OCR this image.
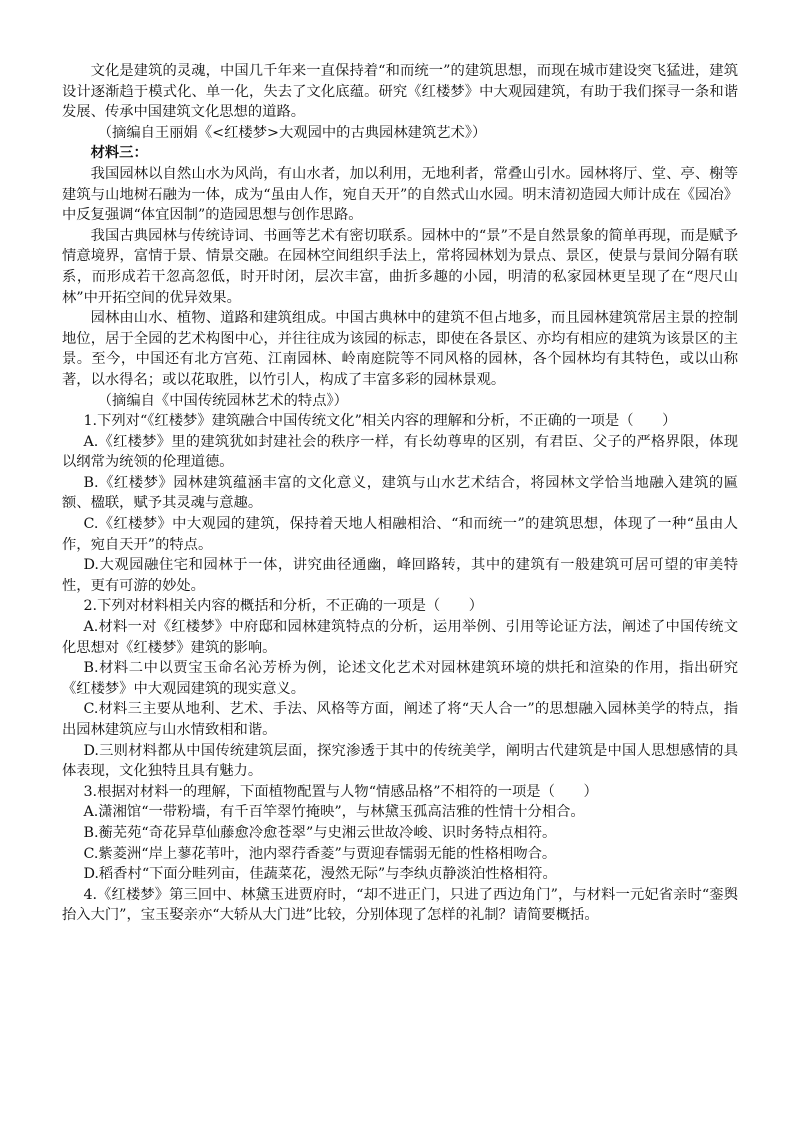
文化是建筑的灵魂，中国几千年来一直保持着“和而统一”的建筑思想，而现在城市建设突飞猛进，建筑设计逐渐趋于模式化、单一化，失去了文化底蕴。研究《红楼梦》中大观园建筑，有助于我们探寻一条和谐发展、传承中国建筑文化思想的道路。

（摘编自王丽娟《<红楼梦>大观园中的古典园林建筑艺术》）

材料三：

我国园林以自然山水为风尚，有山水者，加以利用，无地利者，常叠山引水。园林将厅、堂、亭、榭等建筑与山地树石融为一体，成为“虽由人作，宛自天开”的自然式山水园。明末清初造园大师计成在《园冶》中反复强调“体宜因制”的造园思想与创作思路。

我国古典园林与传统诗词、书画等艺术有密切联系。园林中的“景”不是自然景象的简单再现，而是赋予情意境界，富情于景、情景交融。在园林空间组织手法上，常将园林划为景点、景区，使景与景间分隔有联系，而形成若干忽高忽低，时开时闭，层次丰富，曲折多趣的小园，明清的私家园林更呈现了在“咫尺山林”中开拓空间的优异效果。

园林由山水、植物、道路和建筑组成。中国古典林中的建筑不但占地多，而且园林建筑常居主景的控制地位，居于全园的艺术构图中心，并往往成为该园的标志，即使在各景区、亦均有相应的建筑为该景区的主景。至今，中国还有北方宫苑、江南园林、岭南庭院等不同风格的园林，各个园林均有其特色，或以山称著，以水得名；或以花取胜，以竹引人，构成了丰富多彩的园林景观。

（摘编自《中国传统园林艺术的特点》）

1.下列对“《红楼梦》建筑融合中国传统文化”相关内容的理解和分析，不正确的一项是（　　）

A.《红楼梦》里的建筑犹如封建社会的秩序一样，有长幼尊卑的区别，有君臣、父子的严格界限，体现以纲常为统领的伦理道德。

B.《红楼梦》园林建筑蕴涵丰富的文化意义，建筑与山水艺术结合，将园林文学恰当地融入建筑的匾额、楹联，赋予其灵魂与意趣。

C.《红楼梦》中大观园的建筑，保持着天地人相融相洽、“和而统一”的建筑思想，体现了一种“虽由人作，宛自天开”的特点。

D.大观园融住宅和园林于一体，讲究曲径通幽，峰回路转，其中的建筑有一般建筑可居可望的审美特性，更有可游的妙处。

2.下列对材料相关内容的概括和分析，不正确的一项是（　　）

A.材料一对《红楼梦》中府邸和园林建筑特点的分析，运用举例、引用等论证方法，阐述了中国传统文化思想对《红楼梦》建筑的影响。

B.材料二中以贾宝玉命名沁芳桥为例，论述文化艺术对园林建筑环境的烘托和渲染的作用，指出研究《红楼梦》中大观园建筑的现实意义。

C.材料三主要从地利、艺术、手法、风格等方面，阐述了将“天人合一”的思想融入园林美学的特点，指出园林建筑应与山水情致相和谐。

D.三则材料都从中国传统建筑层面，探究渗透于其中的传统美学，阐明古代建筑是中国人思想感情的具体表现，文化独特且具有魅力。

3.根据对材料一的理解，下面植物配置与人物“情感品格”不相符的一项是（　　）

A.潇湘馆“一带粉墙，有千百竿翠竹掩映”，与林黛玉孤高洁雅的性情十分相合。

B.蘅芜苑“奇花异草仙藤愈冷愈苍翠”与史湘云世故冷峻、识时务特点相符。

C.紫菱洲“岸上蓼花苇叶，池内翠荇香菱”与贾迎春懦弱无能的性格相吻合。

D.稻香村“下面分畦列亩，佳蔬菜花，漫然无际”与李纨贞静淡泊性格相符。

4.《红楼梦》第三回中、林黛玉进贾府时，“却不进正门，只进了西边角门”，与材料一元妃省亲时“銮舆抬入大门”，宝玉娶亲亦“大轿从大门进”比较，分别体现了怎样的礼制？请简要概括。
